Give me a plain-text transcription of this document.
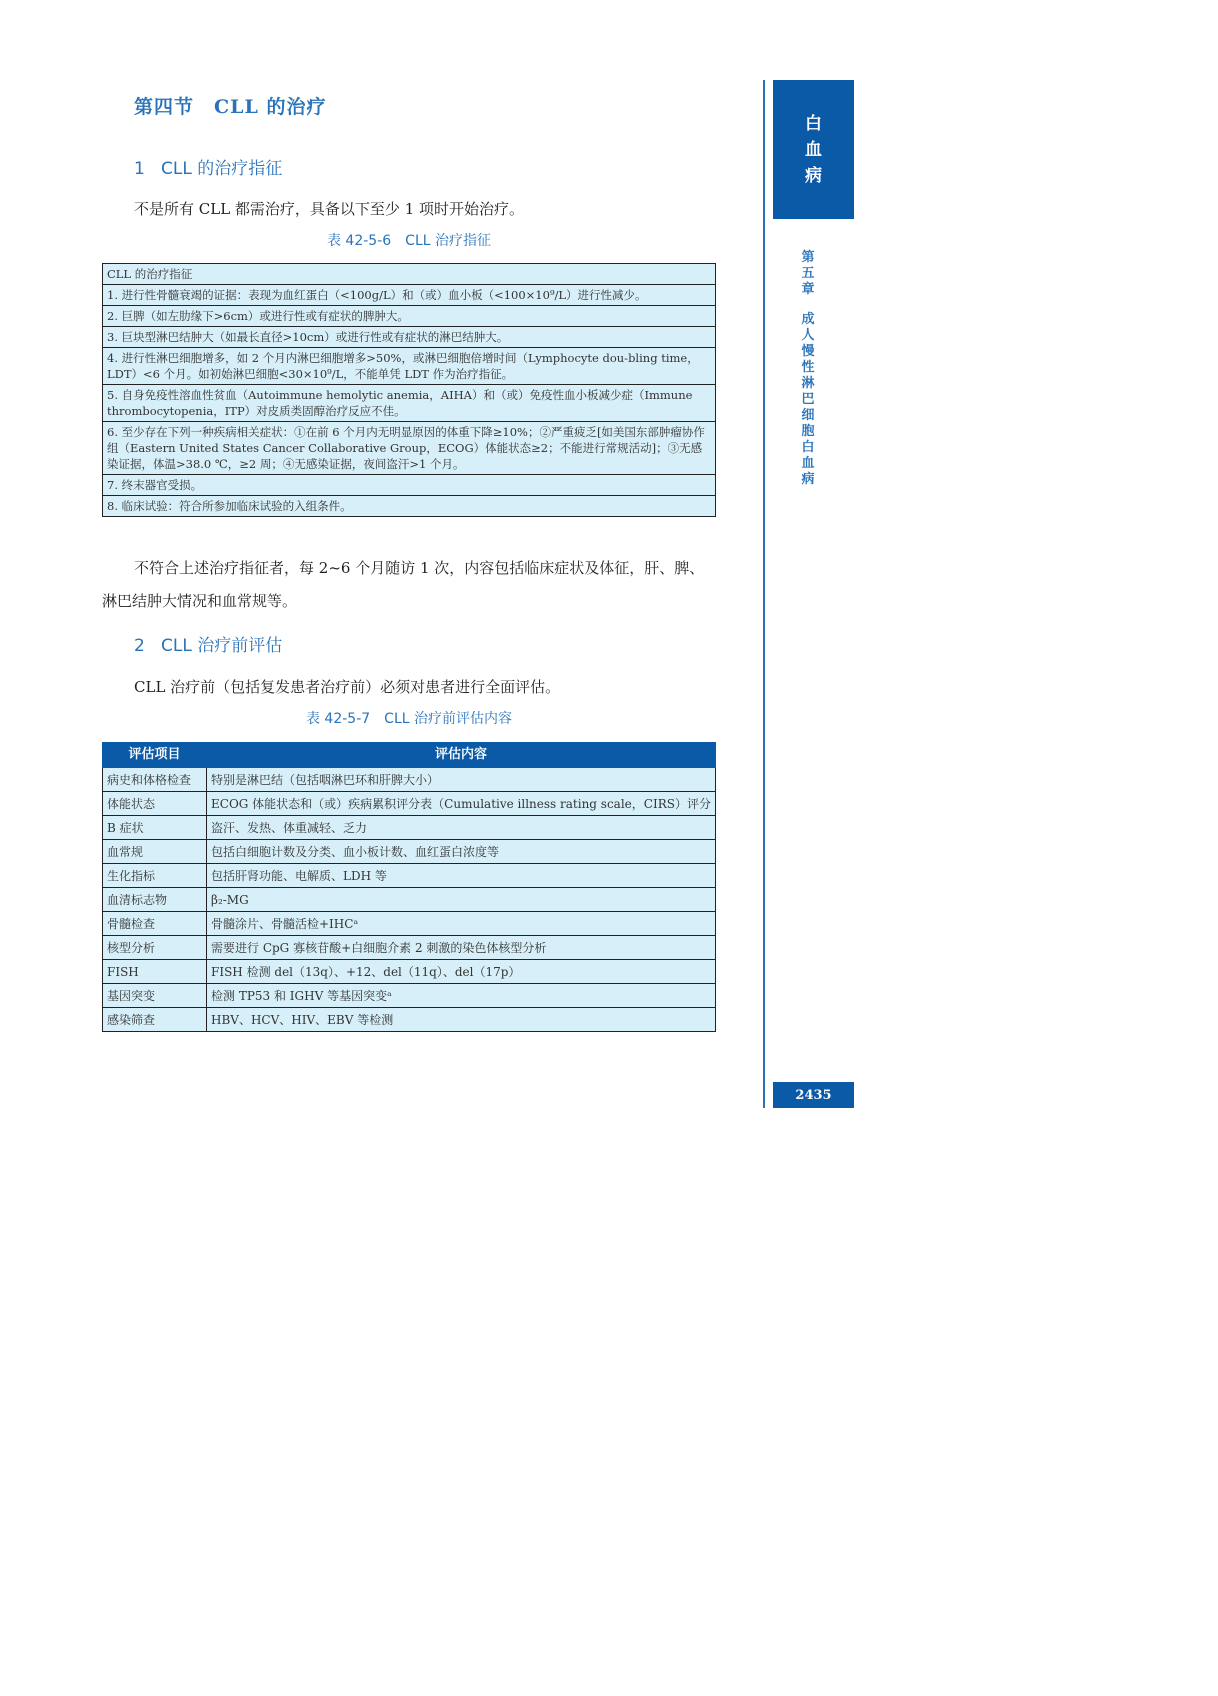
第四节　CLL 的治疗
1 CLL 的治疗指征
不是所有 CLL 都需治疗，具备以下至少 1 项时开始治疗。
表 42-5-6　CLL 治疗指征
CLL 的治疗指征
1. 进行性骨髓衰竭的证据：表现为血红蛋白（<100g/L）和（或）血小板（<100×10⁹/L）进行性减少。
2. 巨脾（如左肋缘下>6cm）或进行性或有症状的脾肿大。
3. 巨块型淋巴结肿大（如最长直径>10cm）或进行性或有症状的淋巴结肿大。
4. 进行性淋巴细胞增多，如 2 个月内淋巴细胞增多>50%，或淋巴细胞倍增时间（Lymphocyte dou-bling time，LDT）<6 个月。如初始淋巴细胞<30×10⁹/L，不能单凭 LDT 作为治疗指征。
5. 自身免疫性溶血性贫血（Autoimmune hemolytic anemia，AIHA）和（或）免疫性血小板减少症（Immune thrombocytopenia，ITP）对皮质类固醇治疗反应不佳。
6. 至少存在下列一种疾病相关症状：①在前 6 个月内无明显原因的体重下降≥10%；②严重疲乏[如美国东部肿瘤协作组（Eastern United States Cancer Collaborative Group，ECOG）体能状态≥2；不能进行常规活动]；③无感染证据，体温>38.0 ℃，≥2 周；④无感染证据，夜间盗汗>1 个月。
7. 终末器官受损。
8. 临床试验：符合所参加临床试验的入组条件。
不符合上述治疗指征者，每 2~6 个月随访 1 次，内容包括临床症状及体征，肝、脾、淋巴结肿大情况和血常规等。
2 CLL 治疗前评估
CLL 治疗前（包括复发患者治疗前）必须对患者进行全面评估。
表 42-5-7　CLL 治疗前评估内容
评估项目	评估内容
病史和体格检查	特别是淋巴结（包括咽淋巴环和肝脾大小）
体能状态	ECOG 体能状态和（或）疾病累积评分表（Cumulative illness rating scale，CIRS）评分
B 症状	盗汗、发热、体重减轻、乏力
血常规	包括白细胞计数及分类、血小板计数、血红蛋白浓度等
生化指标	包括肝肾功能、电解质、LDH 等
血清标志物	β₂-MG
骨髓检查	骨髓涂片、骨髓活检+IHCᵃ
核型分析	需要进行 CpG 寡核苷酸+白细胞介素 2 刺激的染色体核型分析
FISH	FISH 检测 del（13q）、+12、del（11q）、del（17p）
基因突变	检测 TP53 和 IGHV 等基因突变ᵃ
感染筛查	HBV、HCV、HIV、EBV 等检测
白
血
病
第五章
成人慢性淋巴细胞白血病
2435
